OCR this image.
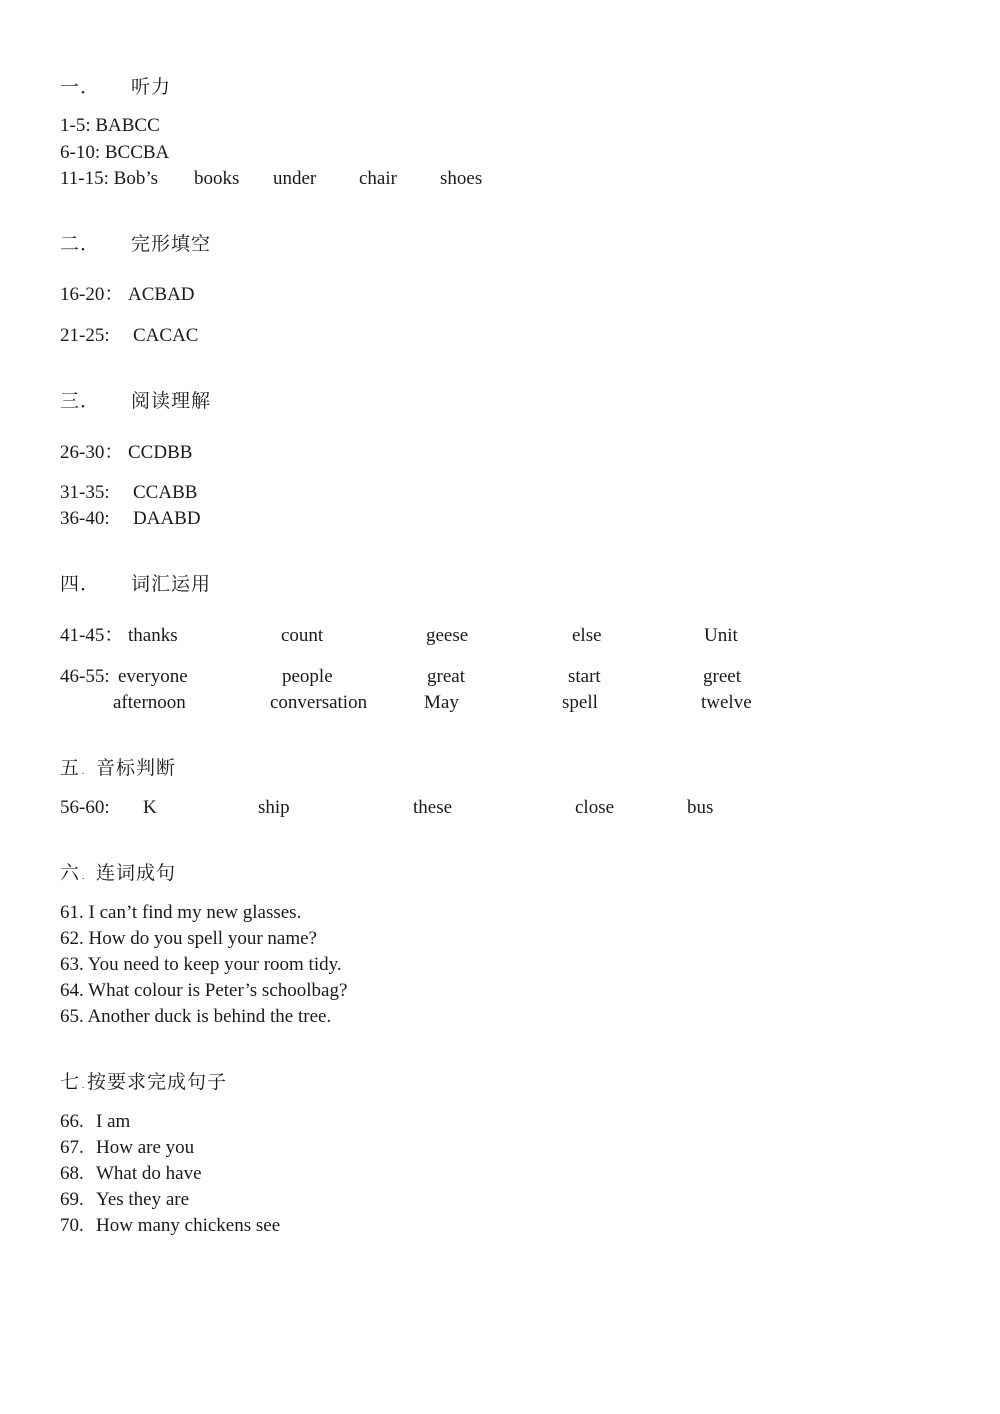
一． 听力
1-5: BABCC
6-10: BCCBA
11-15: Bob’s books under chair shoes
二． 完形填空
16-20： ACBAD
21-25: CACAC
三． 阅读理解
26-30： CCDBB
31-35: CCABB
36-40: DAABD
四． 词汇运用
41-45： thanks	count	geese	else	Unit
46-55: everyone	people	great	start	greet
afternoon	conversation	May	spell	twelve
五. 音标判断
56-60: K	ship	these	close	bus
六. 连词成句
61. I can’t find my new glasses.
62. How do you spell your name?
63. You need to keep your room tidy.
64. What colour is Peter’s schoolbag?
65. Another duck is behind the tree.
七. 按要求完成句子
66. I am
67. How are you
68. What do have
69. Yes they are
70. How many chickens see
